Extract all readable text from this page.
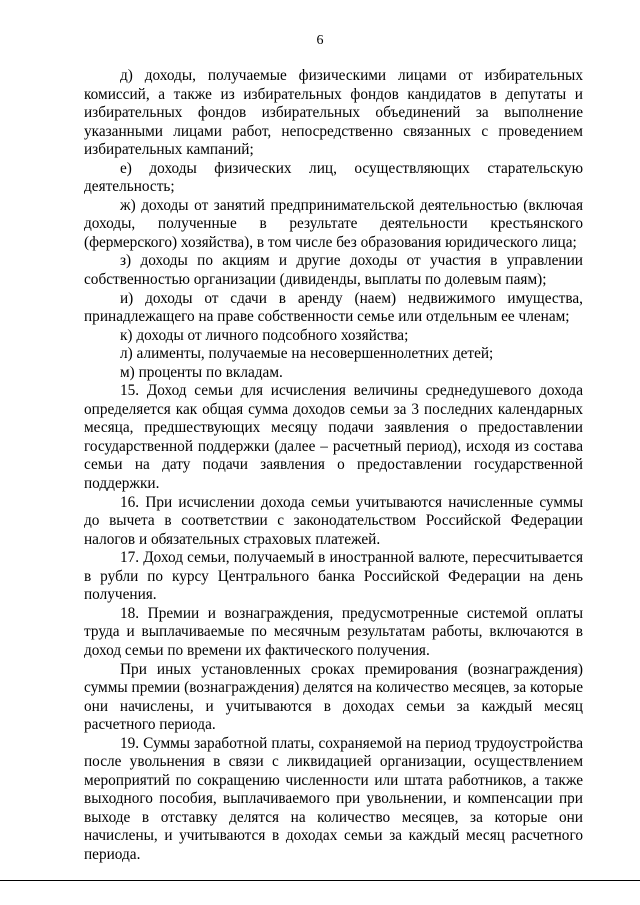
6

д) доходы, получаемые физическими лицами от избирательных комиссий, а также из избирательных фондов кандидатов в депутаты и избирательных фондов избирательных объединений за выполнение указанными лицами работ, непосредственно связанных с проведением избирательных кампаний;

е) доходы физических лиц, осуществляющих старательскую деятельность;

ж) доходы от занятий предпринимательской деятельностью (включая доходы, полученные в результате деятельности крестьянского (фермерского) хозяйства), в том числе без образования юридического лица;

з) доходы по акциям и другие доходы от участия в управлении собственностью организации (дивиденды, выплаты по долевым паям);

и) доходы от сдачи в аренду (наем) недвижимого имущества, принадлежащего на праве собственности семье или отдельным ее членам;

к) доходы от личного подсобного хозяйства;

л) алименты, получаемые на несовершеннолетних детей;

м) проценты по вкладам.

15. Доход семьи для исчисления величины среднедушевого дохода определяется как общая сумма доходов семьи за 3 последних календарных месяца, предшествующих месяцу подачи заявления о предоставлении государственной поддержки (далее – расчетный период), исходя из состава семьи на дату подачи заявления о предоставлении государственной поддержки.

16. При исчислении дохода семьи учитываются начисленные суммы до вычета в соответствии с законодательством Российской Федерации налогов и обязательных страховых платежей.

17. Доход семьи, получаемый в иностранной валюте, пересчитывается в рубли по курсу Центрального банка Российской Федерации на день получения.

18. Премии и вознаграждения, предусмотренные системой оплаты труда и выплачиваемые по месячным результатам работы, включаются в доход семьи по времени их фактического получения.

При иных установленных сроках премирования (вознаграждения) суммы премии (вознаграждения) делятся на количество месяцев, за которые они начислены, и учитываются в доходах семьи за каждый месяц расчетного периода.

19. Суммы заработной платы, сохраняемой на период трудоустройства после увольнения в связи с ликвидацией организации, осуществлением мероприятий по сокращению численности или штата работников, а также выходного пособия, выплачиваемого при увольнении, и компенсации при выходе в отставку делятся на количество месяцев, за которые они начислены, и учитываются в доходах семьи за каждый месяц расчетного периода.
